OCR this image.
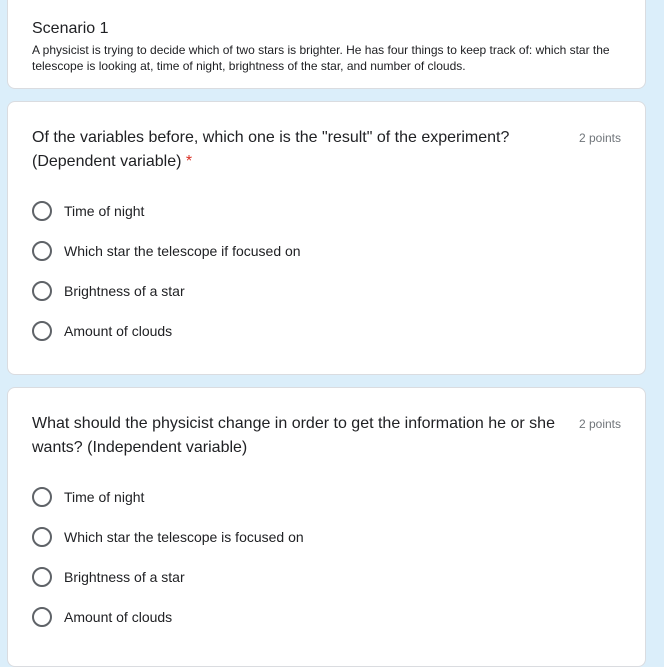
Scenario 1
A physicist is trying to decide which of two stars is brighter. He has four things to keep track of: which star the telescope is looking at, time of night, brightness of the star, and number of clouds.
Of the variables before, which one is the "result" of the experiment? (Dependent variable) *
2 points
Time of night
Which star the telescope if focused on
Brightness of a star
Amount of clouds
What should the physicist change in order to get the information he or she wants? (Independent variable)
2 points
Time of night
Which star the telescope is focused on
Brightness of a star
Amount of clouds
